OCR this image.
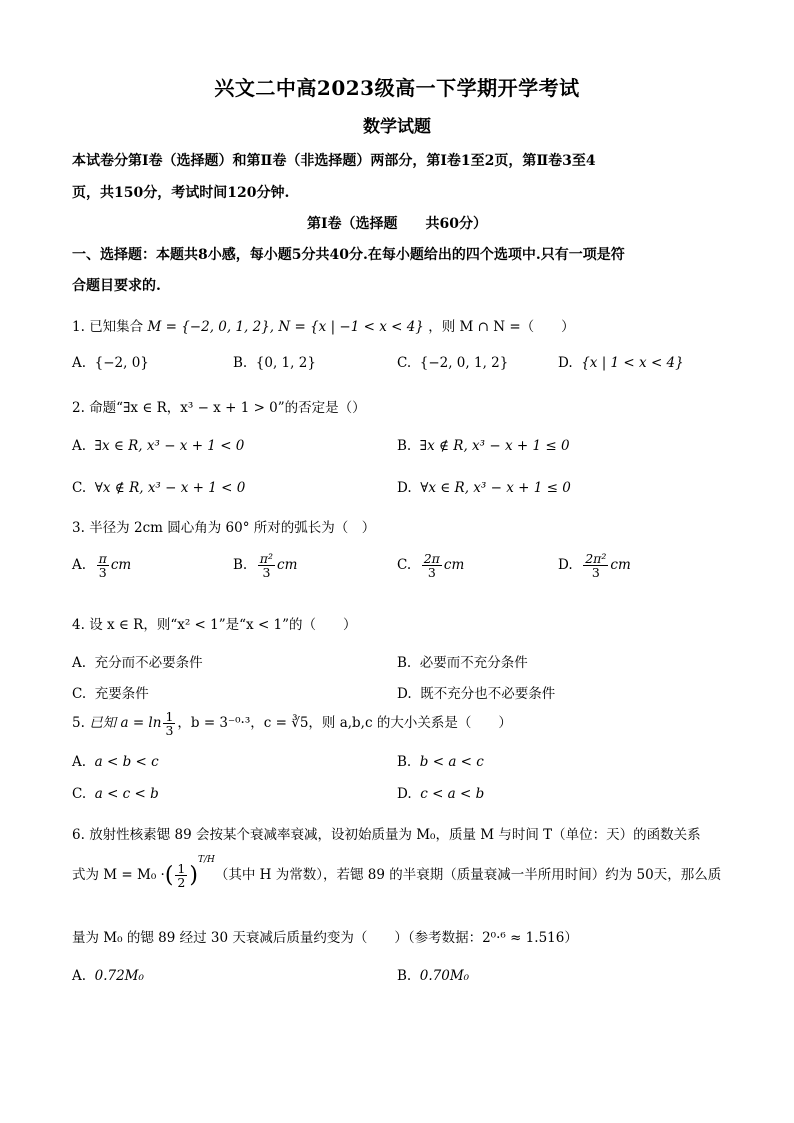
兴文二中高2023级高一下学期开学考试
数学试题
本试卷分第Ⅰ卷（选择题）和第Ⅱ卷（非选择题）两部分，第Ⅰ卷1至2页，第Ⅱ卷3至4
页，共150分，考试时间120分钟.
第Ⅰ卷（选择题　　共60分）
一、选择题：本题共8小感，每小题5分共40分.在每小题给出的四个选项中.只有一项是符
合题目要求的.
1. 已知集合 M = {−2, 0, 1, 2}, N = {x | −1 < x < 4} ，则 M ∩ N =（　　）
A.  {−2, 0}	B.  {0, 1, 2}	C.  {−2, 0, 1, 2}	D.  {x | 1 < x < 4}
2. 命题“∃x ∈ R，x³ − x + 1 > 0”的否定是（）
A.  ∃x ∈ R, x³ − x + 1 < 0	B.  ∃x ∉ R, x³ − x + 1 ≤ 0
C.  ∀x ∉ R, x³ − x + 1 < 0	D.  ∀x ∈ R, x³ − x + 1 ≤ 0
3. 半径为 2cm 圆心角为 60° 所对的弧长为（　）
A. $\frac{\pi}{3}$ cm	B. $\frac{\text{π²}}{3}$ cm	C. $\frac{2\pi}{3}$ cm	D. $\frac{\text{2π²}}{3}$ cm
4. 设 x ∈ R，则“x² < 1”是“x < 1”的（　　）
A.  充分而不必要条件	B.  必要而不充分条件
C.  充要条件	D.  既不充分也不必要条件
5. 已知 $a = \ln \frac{1}{3}$ ，b = 3⁻⁰·³，c = ∛5，则 a,b,c 的大小关系是（　　）
A.  a < b < c	B.  b < a < c
C.  a < c < b	D.  c < a < b
6. 放射性核素锶 89 会按某个衰减率衰减，设初始质量为 M₀，质量 M 与时间 T（单位：天）的函数关系
式为 M = M₀ ·( $\frac{1}{2} )^{T/H}$（其中 H 为常数），若锶 89 的半衰期（质量衰减一半所用时间）约为 50天，那么质
量为 M₀ 的锶 89 经过 30 天衰减后质量约变为（　　）（参考数据：2⁰·⁶ ≈ 1.516）
A.  0.72M₀	B.  0.70M₀
